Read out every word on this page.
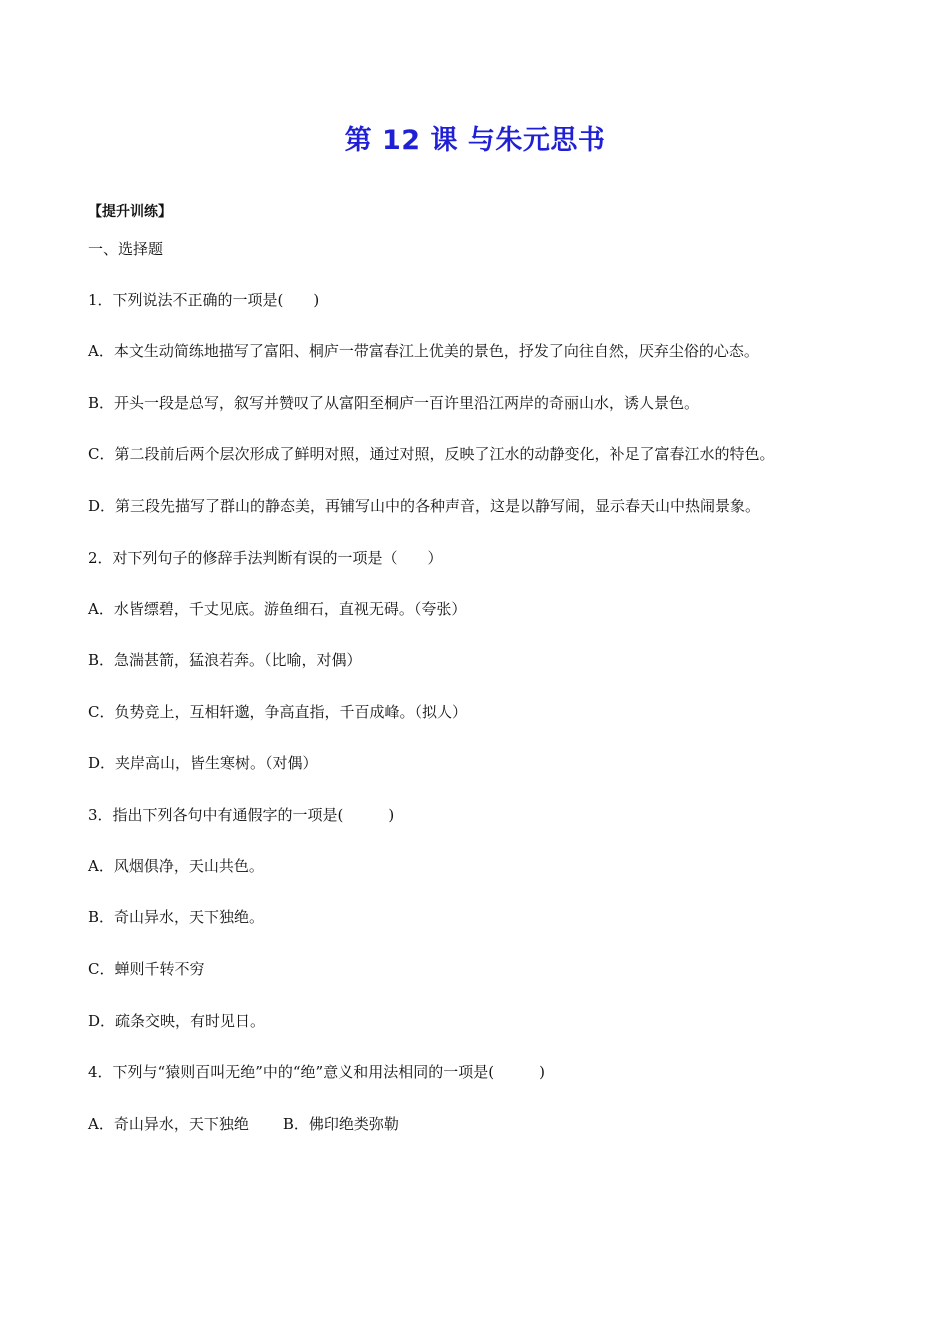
第 12 课 与朱元思书
【提升训练】
一、选择题
1．下列说法不正确的一项是(　　)
A．本文生动简练地描写了富阳、桐庐一带富春江上优美的景色，抒发了向往自然，厌弃尘俗的心态。
B．开头一段是总写，叙写并赞叹了从富阳至桐庐一百许里沿江两岸的奇丽山水，诱人景色。
C．第二段前后两个层次形成了鲜明对照，通过对照，反映了江水的动静变化，补足了富春江水的特色。
D．第三段先描写了群山的静态美，再铺写山中的各种声音，这是以静写闹，显示春天山中热闹景象。
2．对下列句子的修辞手法判断有误的一项是（　　）
A．水皆缥碧，千丈见底。游鱼细石，直视无碍。（夸张）
B．急湍甚箭，猛浪若奔。（比喻，对偶）
C．负势竞上，互相轩邈，争高直指，千百成峰。（拟人）
D．夹岸高山，皆生寒树。（对偶）
3．指出下列各句中有通假字的一项是(　　　)
A．风烟俱净，天山共色。
B．奇山异水，天下独绝。
C．蝉则千转不穷
D．疏条交映，有时见日。
4．下列与“猿则百叫无绝”中的“绝”意义和用法相同的一项是(　　　)
A．奇山异水，天下独绝 B．佛印绝类弥勒
